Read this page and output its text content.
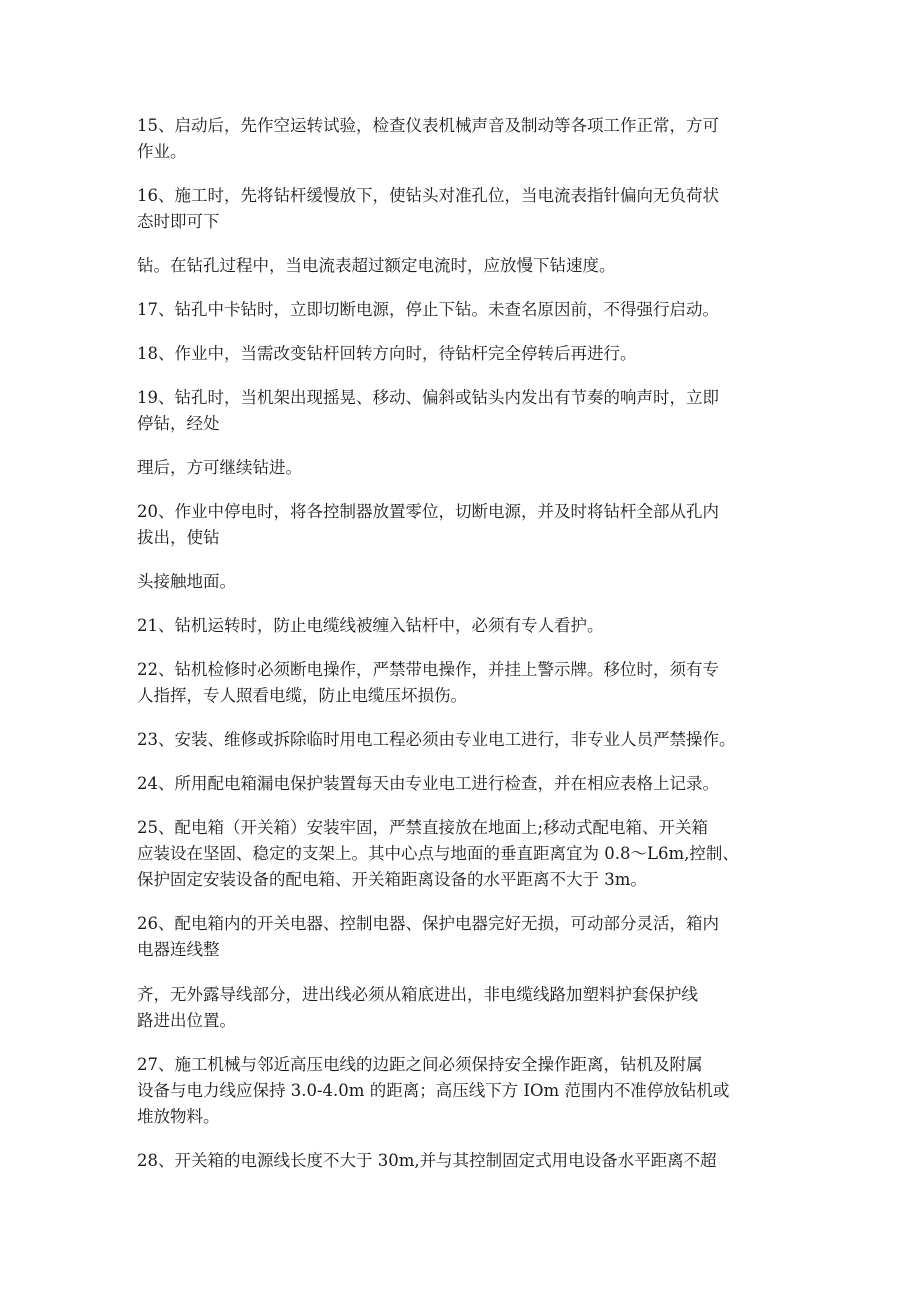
15、启动后，先作空运转试验，检查仪表机械声音及制动等各项工作正常，方可
作业。
16、施工时，先将钻杆缓慢放下，使钻头对准孔位，当电流表指针偏向无负荷状
态时即可下
钻。在钻孔过程中，当电流表超过额定电流时，应放慢下钻速度。
17、钻孔中卡钻时，立即切断电源，停止下钻。未查名原因前，不得强行启动。
18、作业中，当需改变钻杆回转方向时，待钻杆完全停转后再进行。
19、钻孔时，当机架出现摇晃、移动、偏斜或钻头内发出有节奏的响声时，立即
停钻，经处
理后，方可继续钻进。
20、作业中停电时，将各控制器放置零位，切断电源，并及时将钻杆全部从孔内
拔出，使钻
头接触地面。
21、钻机运转时，防止电缆线被缠入钻杆中，必须有专人看护。
22、钻机检修时必须断电操作，严禁带电操作，并挂上警示牌。移位时，须有专
人指挥，专人照看电缆，防止电缆压坏损伤。
23、安装、维修或拆除临时用电工程必须由专业电工进行，非专业人员严禁操作。
24、所用配电箱漏电保护装置每天由专业电工进行检查，并在相应表格上记录。
25、配电箱（开关箱）安装牢固，严禁直接放在地面上;移动式配电箱、开关箱
应装设在坚固、稳定的支架上。其中心点与地面的垂直距离宜为 0.8～L6m,控制、
保护固定安装设备的配电箱、开关箱距离设备的水平距离不大于 3m。
26、配电箱内的开关电器、控制电器、保护电器完好无损，可动部分灵活，箱内
电器连线整
齐，无外露导线部分，进出线必须从箱底进出，非电缆线路加塑料护套保护线
路进出位置。
27、施工机械与邻近高压电线的边距之间必须保持安全操作距离，钻机及附属
设备与电力线应保持 3.0-4.0m 的距离；高压线下方 IOm 范围内不准停放钻机或
堆放物料。
28、开关箱的电源线长度不大于 30m,并与其控制固定式用电设备水平距离不超
